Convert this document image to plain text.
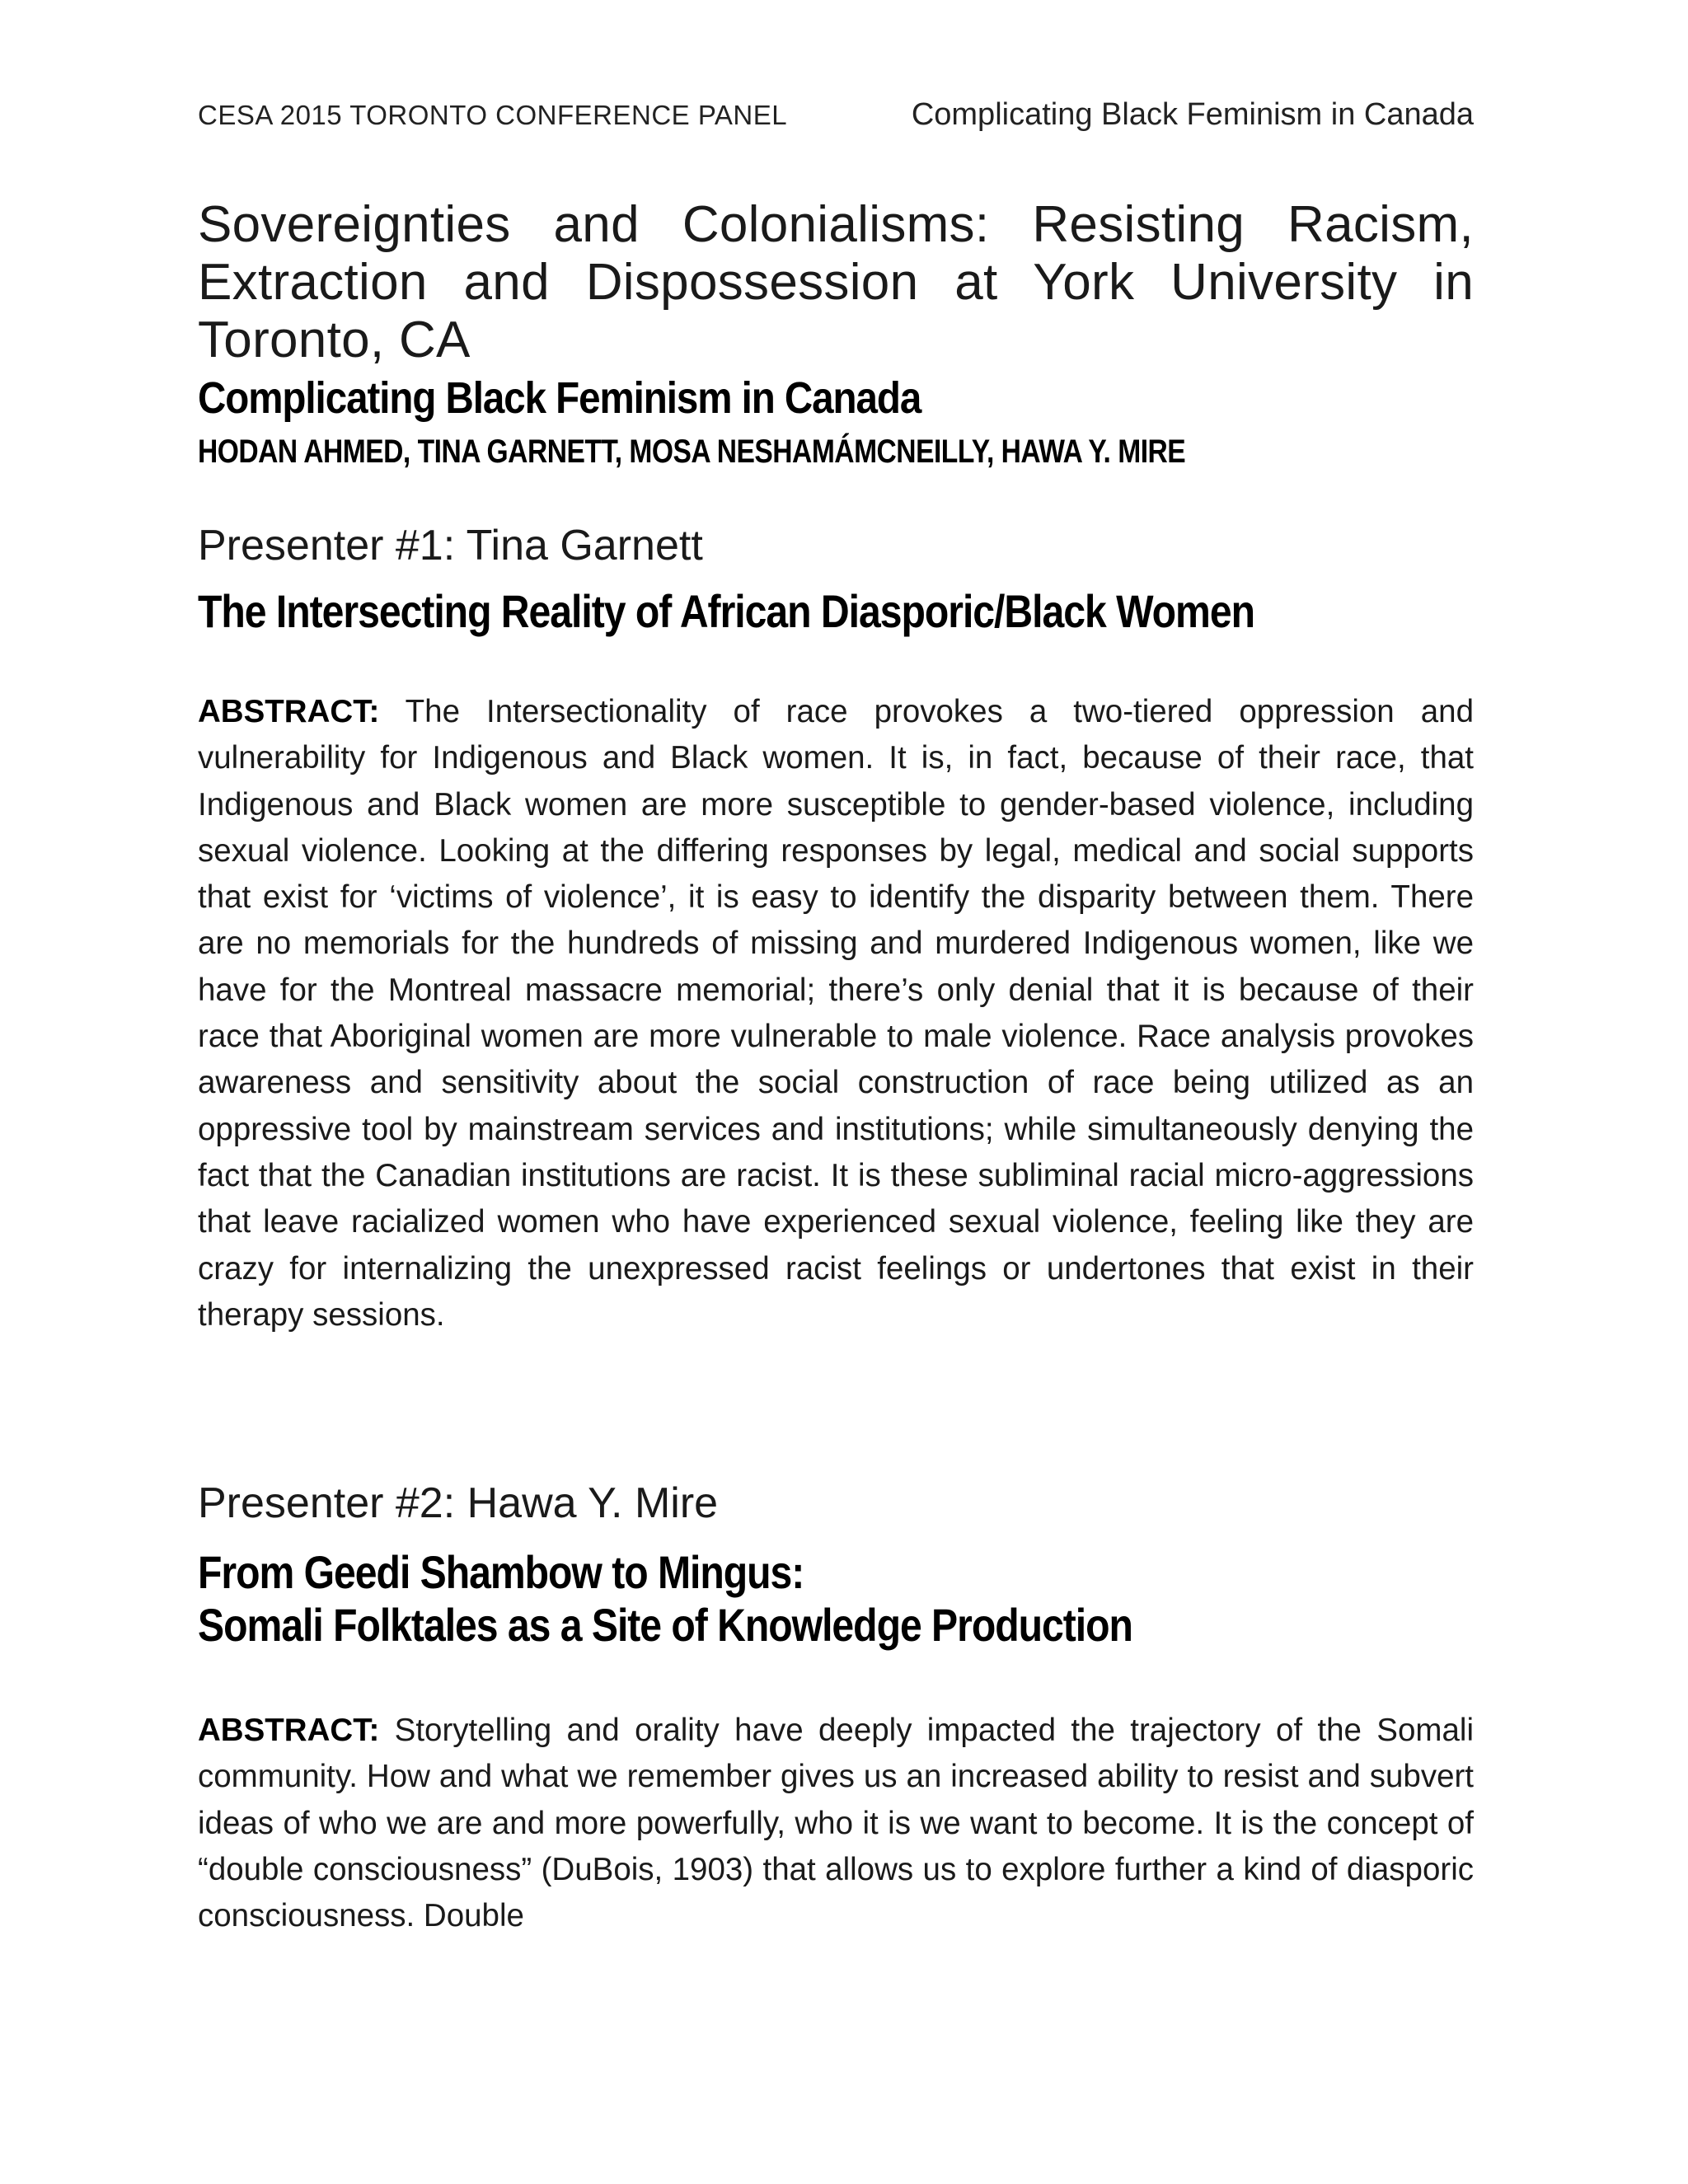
CESA 2015 TORONTO CONFERENCE PANEL	Complicating Black Feminism in Canada
Sovereignties and Colonialisms: Resisting Racism, Extraction and Dispossession at York University in Toronto, CA
Complicating Black Feminism in Canada
HODAN AHMED, TINA GARNETT, MOSA NESHAMÁMCNEILLY, HAWA Y. MIRE
Presenter #1: Tina Garnett
The Intersecting Reality of African Diasporic/Black Women
ABSTRACT: The Intersectionality of race provokes a two-tiered oppression and vulnerability for Indigenous and Black women. It is, in fact, because of their race, that Indigenous and Black women are more susceptible to gender-based violence, including sexual violence. Looking at the differing responses by legal, medical and social supports that exist for ‘victims of violence’, it is easy to identify the disparity between them. There are no memorials for the hundreds of missing and murdered Indigenous women, like we have for the Montreal massacre memorial; there’s only denial that it is because of their race that Aboriginal women are more vulnerable to male violence. Race analysis provokes awareness and sensitivity about the social construction of race being utilized as an oppressive tool by mainstream services and institutions; while simultaneously denying the fact that the Canadian institutions are racist. It is these subliminal racial micro-aggressions that leave racialized women who have experienced sexual violence, feeling like they are crazy for internalizing the unexpressed racist feelings or undertones that exist in their therapy sessions.
Presenter #2: Hawa Y. Mire
From Geedi Shambow to Mingus:
Somali Folktales as a Site of Knowledge Production
ABSTRACT: Storytelling and orality have deeply impacted the trajectory of the Somali community. How and what we remember gives us an increased ability to resist and subvert ideas of who we are and more powerfully, who it is we want to become. It is the concept of “double consciousness” (DuBois, 1903) that allows us to explore further a kind of diasporic consciousness. Double
